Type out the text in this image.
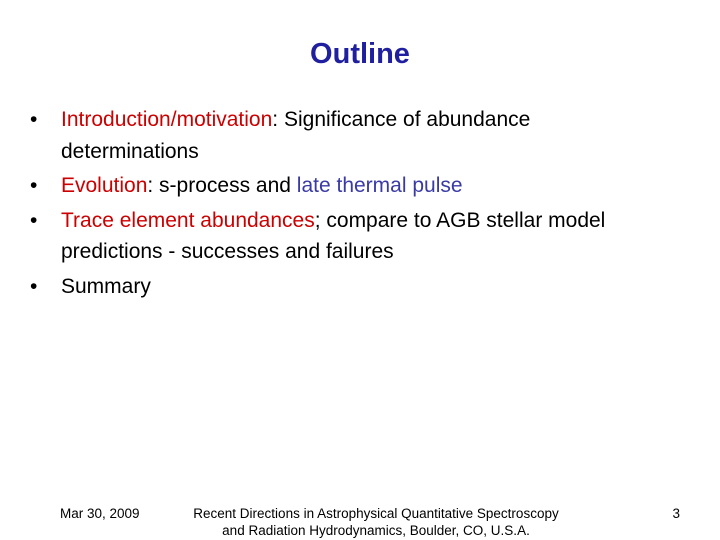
Outline
• Introduction/motivation: Significance of abundance determinations
• Evolution: s-process and late thermal pulse
• Trace element abundances; compare to AGB stellar model predictions - successes and failures
• Summary
Mar 30, 2009	Recent Directions in Astrophysical Quantitative Spectroscopy
and Radiation Hydrodynamics, Boulder, CO, U.S.A.
3
